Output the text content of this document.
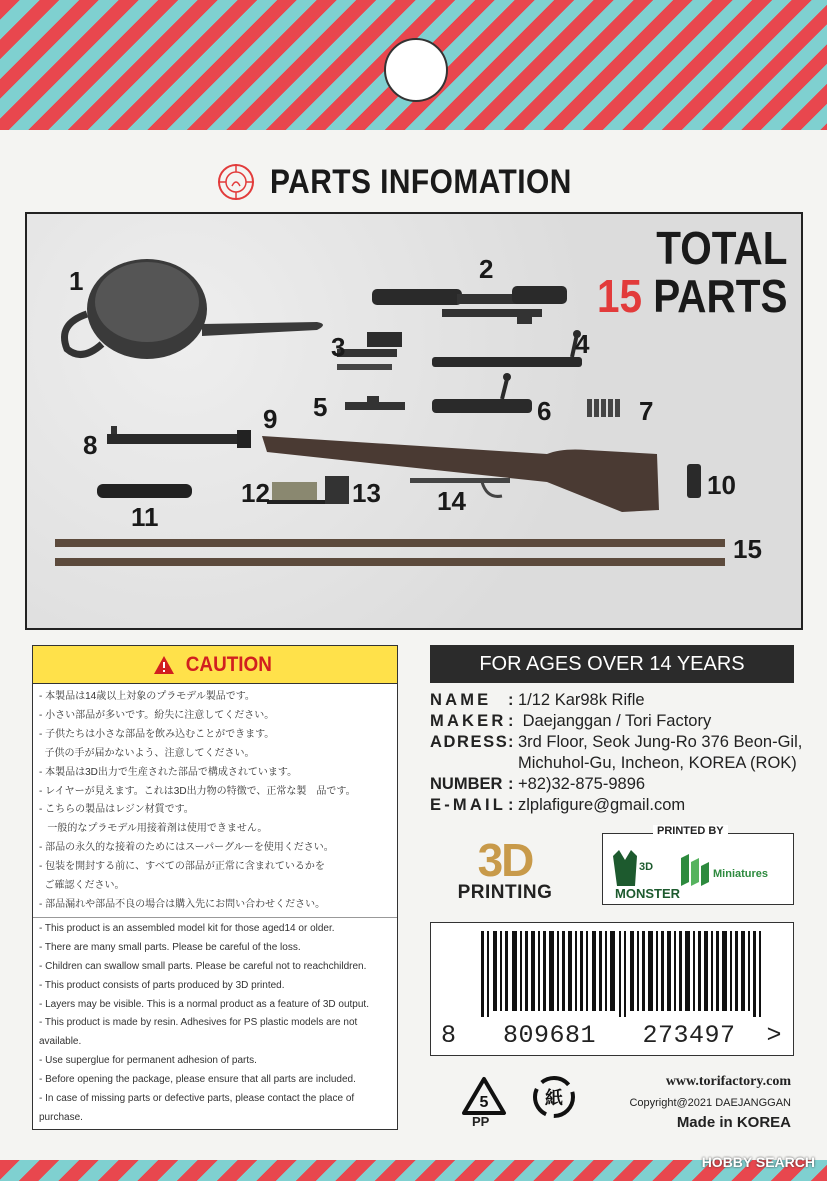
PARTS INFOMATION
TOTAL
15 PARTS
1	2
3	4
5	6	7
8
9
10
11
12	13 14
15
CAUTION
- 本製品は14歳以上対象のプラモデル製品です。
- 小さい部品が多いです。紛失に注意してください。
- 子供たちは小さな部品を飲み込むことができます。
子供の手が届かないよう、注意してください。
- 本製品は3D出力で生産された部品で構成されています。
- レイヤーが見えます。これは3D出力物の特徴で、正常な製　品です。
- こちらの製品はレジン材質です。
一般的なプラモデル用接着剤は使用できません。
- 部品の永久的な接着のためにはスーパーグルーを使用ください。
- 包装を開封する前に、すべての部品が正常に含まれているかを
ご確認ください。
- 部品漏れや部品不良の場合は購入先にお問い合わせください。
- This product is an assembled model kit for those aged14 or older.
- There are many small parts. Please be careful of the loss.
- Children can swallow small parts. Please be careful not to reachchildren.
- This product consists of parts produced by 3D printed.
- Layers may be visible. This is a normal product as a feature of 3D output.
- This product is made by resin. Adhesives for PS plastic models are not available.
- Use superglue for permanent adhesion of parts.
- Before opening the package, please ensure that all parts are included.
- In case of missing parts or defective parts, please contact the place of purchase.
FOR AGES OVER 14 YEARS
NAME	: 1/12 Kar98k Rifle
MAKER : Daejanggan / Tori Factory
ADRESS : 3rd Floor, Seok Jung-Ro 376 Beon-Gil,
Michuhol-Gu, Incheon, KOREA (ROK)
NUMBER : +82)32-875-9896
E-MAIL : zlplafigure@gmail.com
3D
PRINTING
PRINTED BY
3D
MONSTER
Miniatures
8   809681   273497  >
5
PP
紙
www.torifactory.com
Copyright@2021 DAEJANGGAN
Made in KOREA
HOBBY SEARCH
